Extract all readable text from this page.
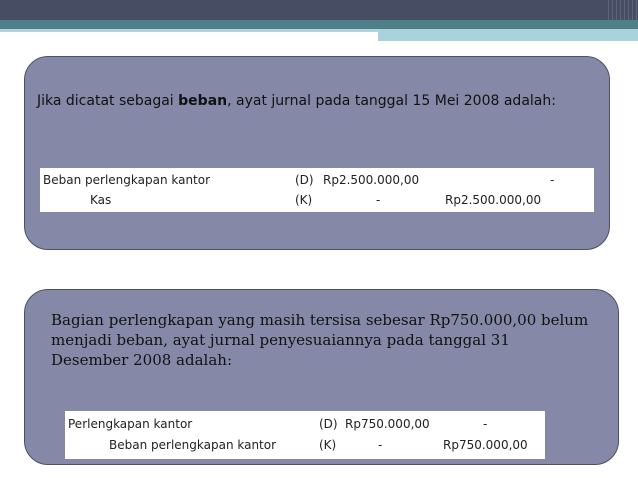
Jika dicatat sebagai beban, ayat jurnal pada tanggal 15 Mei 2008 adalah:
Beban perlengkapan kantor	(D) Rp2.500.000,00	-
Kas	(K)	-	Rp2.500.000,00
Bagian perlengkapan yang masih tersisa sebesar Rp750.000,00 belum menjadi beban, ayat jurnal penyesuaiannya pada tanggal 31 Desember 2008 adalah:
Perlengkapan kantor	(D) Rp750.000,00	-
Beban perlengkapan kantor	(K)	-	Rp750.000,00
